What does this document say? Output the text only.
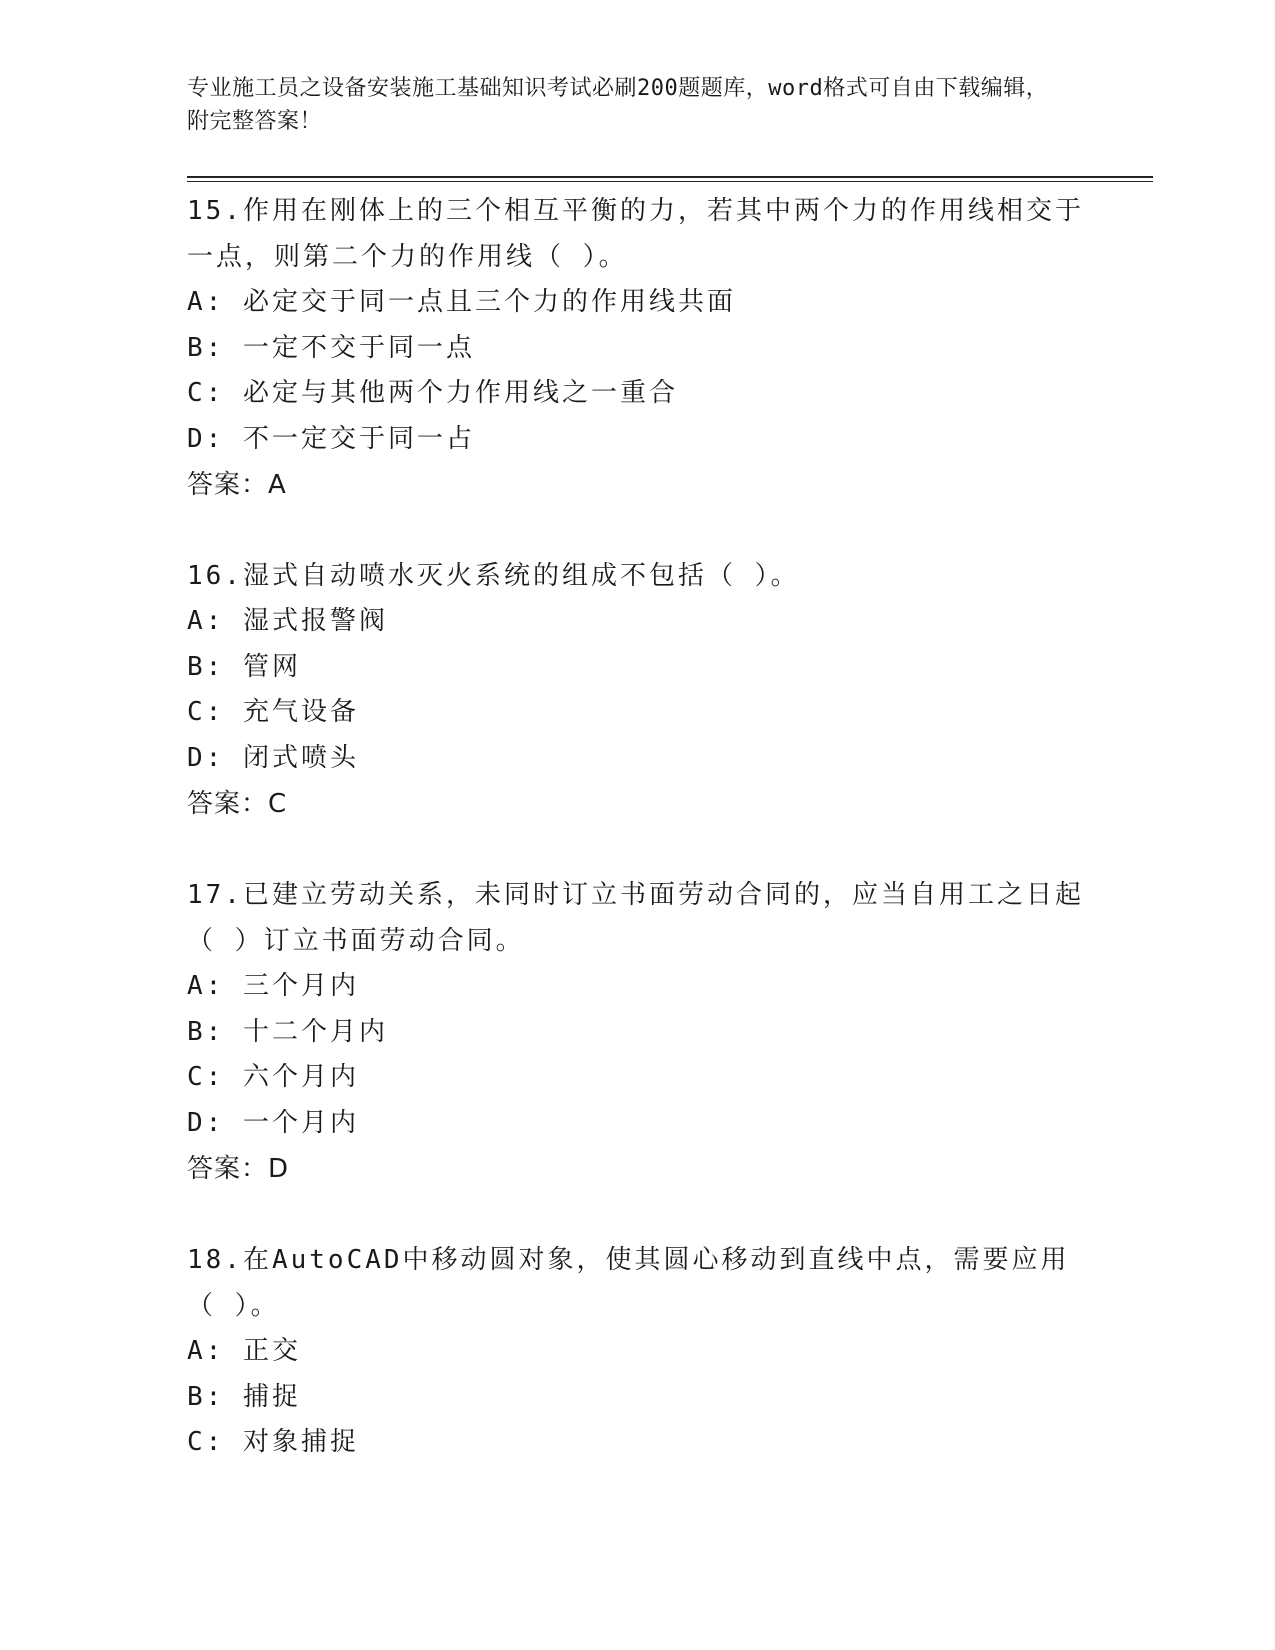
专业施工员之设备安装施工基础知识考试必刷200题题库，word格式可自由下载编辑，附完整答案！
15.作用在刚体上的三个相互平衡的力，若其中两个力的作用线相交于一点，则第二个力的作用线（ ）。
A: 必定交于同一点且三个力的作用线共面
B: 一定不交于同一点
C: 必定与其他两个力作用线之一重合
D: 不一定交于同一占
答案：A
16.湿式自动喷水灭火系统的组成不包括（ ）。
A: 湿式报警阀
B: 管网
C: 充气设备
D: 闭式喷头
答案：C
17.已建立劳动关系，未同时订立书面劳动合同的，应当自用工之日起（ ）订立书面劳动合同。
A: 三个月内
B: 十二个月内
C: 六个月内
D: 一个月内
答案：D
18.在AutoCAD中移动圆对象，使其圆心移动到直线中点，需要应用（ ）。
A: 正交
B: 捕捉
C: 对象捕捉
